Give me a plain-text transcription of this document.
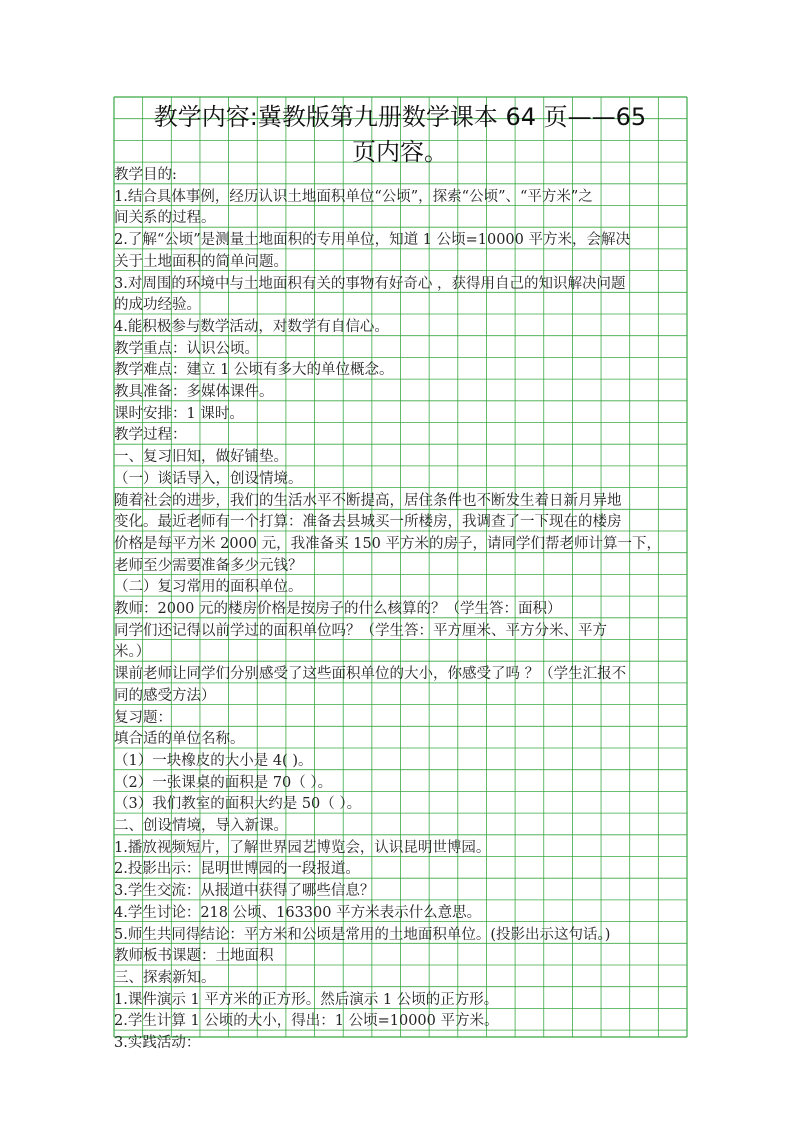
教学内容:冀教版第九册数学课本 64 页——65
页内容。
教学目的:
1.结合具体事例，经历认识土地面积单位“公顷”，探索“公顷”、“平方米”之
间关系的过程。
2.了解“公顷”是测量土地面积的专用单位，知道 1 公顷=10000 平方米，会解决
关于土地面积的简单问题。
3.对周围的环境中与土地面积有关的事物有好奇心 ，获得用自己的知识解决问题
的成功经验。
4.能积极参与数学活动，对数学有自信心。
教学重点：认识公顷。
教学难点：建立 1 公顷有多大的单位概念。
教具准备：多媒体课件。
课时安排：1 课时。
教学过程：
一、复习旧知，做好铺垫。
（一）谈话导入，创设情境。
随着社会的进步，我们的生活水平不断提高，居住条件也不断发生着日新月异地
变化。最近老师有一个打算：准备去县城买一所楼房，我调查了一下现在的楼房
价格是每平方米 2000 元，我准备买 150 平方米的房子，请同学们帮老师计算一下，
老师至少需要准备多少元钱？
（二）复习常用的面积单位。
教师：2000 元的楼房价格是按房子的什么核算的？（学生答：面积）
同学们还记得以前学过的面积单位吗？（学生答：平方厘米、平方分米、平方
米。）
课前老师让同学们分别感受了这些面积单位的大小，你感受了吗 ？（学生汇报不
同的感受方法）
复习题：
填合适的单位名称。
（1）一块橡皮的大小是 4( )。
（2）一张课桌的面积是 70（ ）。
（3）我们教室的面积大约是 50（ ）。
二、创设情境，导入新课。
1.播放视频短片，了解世界园艺博览会，认识昆明世博园。
2.投影出示：昆明世博园的一段报道。
3.学生交流：从报道中获得了哪些信息？
4.学生讨论：218 公顷、163300 平方米表示什么意思。
5.师生共同得结论：平方米和公顷是常用的土地面积单位。(投影出示这句话。)
教师板书课题：土地面积
三、探索新知。
1.课件演示 1 平方米的正方形。然后演示 1 公顷的正方形。
2.学生计算 1 公顷的大小，得出：1 公顷=10000 平方米。
3.实践活动：
